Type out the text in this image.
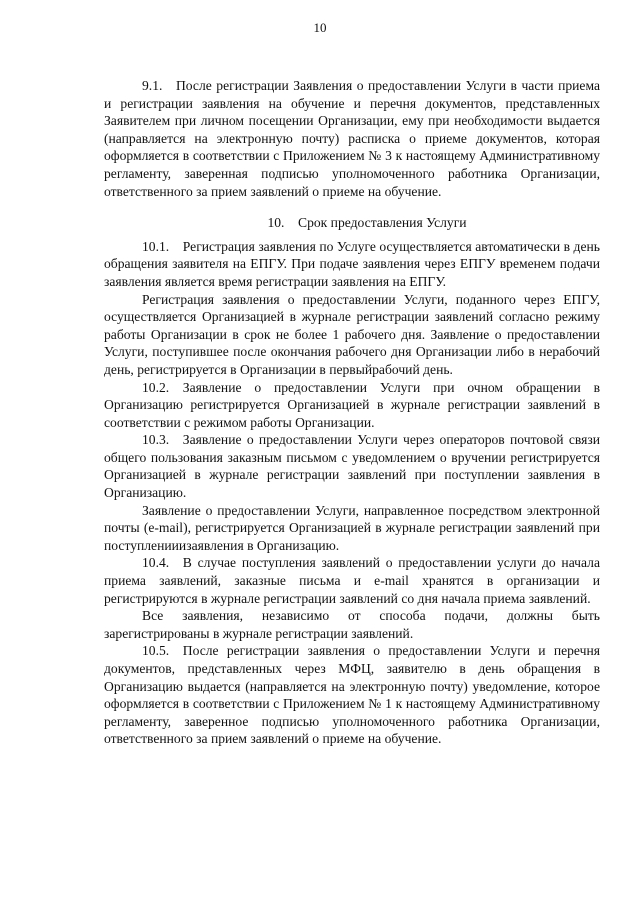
10

9.1. После регистрации Заявления о предоставлении Услуги в части приема и регистрации заявления на обучение и перечня документов, представленных Заявителем при личном посещении Организации, ему при необходимости выдается (направляется на электронную почту) расписка о приеме документов, которая оформляется в соответствии с Приложением № 3 к настоящему Административному регламенту, заверенная подписью уполномоченного работника Организации, ответственного за прием заявлений о приеме на обучение.

10. Срок предоставления Услуги

10.1. Регистрация заявления по Услуге осуществляется автоматически в день обращения заявителя на ЕПГУ. При подаче заявления через ЕПГУ временем подачи заявления является время регистрации заявления на ЕПГУ.

Регистрация заявления о предоставлении Услуги, поданного через ЕПГУ, осуществляется Организацией в журнале регистрации заявлений согласно режиму работы Организации в срок не более 1 рабочего дня. Заявление о предоставлении Услуги, поступившее после окончания рабочего дня Организации либо в нерабочий день, регистрируется в Организации в первыйрабочий день.

10.2. Заявление о предоставлении Услуги при очном обращении в Организацию регистрируется Организацией в журнале регистрации заявлений в соответствии с режимом работы Организации.

10.3. Заявление о предоставлении Услуги через операторов почтовой связи общего пользования заказным письмом с уведомлением о вручении регистрируется Организацией в журнале регистрации заявлений при поступлении заявления в Организацию.

Заявление о предоставлении Услуги, направленное посредством электронной почты (e-mail), регистрируется Организацией в журнале регистрации заявлений при поступленииизаявления в Организацию.

10.4. В случае поступления заявлений о предоставлении услуги до начала приема заявлений, заказные письма и e-mail хранятся в организации и регистрируются в журнале регистрации заявлений со дня начала приема заявлений.

Все заявления, независимо от способа подачи, должны быть зарегистрированы в журнале регистрации заявлений.

10.5. После регистрации заявления о предоставлении Услуги и перечня документов, представленных через МФЦ, заявителю в день обращения в Организацию выдается (направляется на электронную почту) уведомление, которое оформляется в соответствии с Приложением № 1 к настоящему Административному регламенту, заверенное подписью уполномоченного работника Организации, ответственного за прием заявлений о приеме на обучение.
